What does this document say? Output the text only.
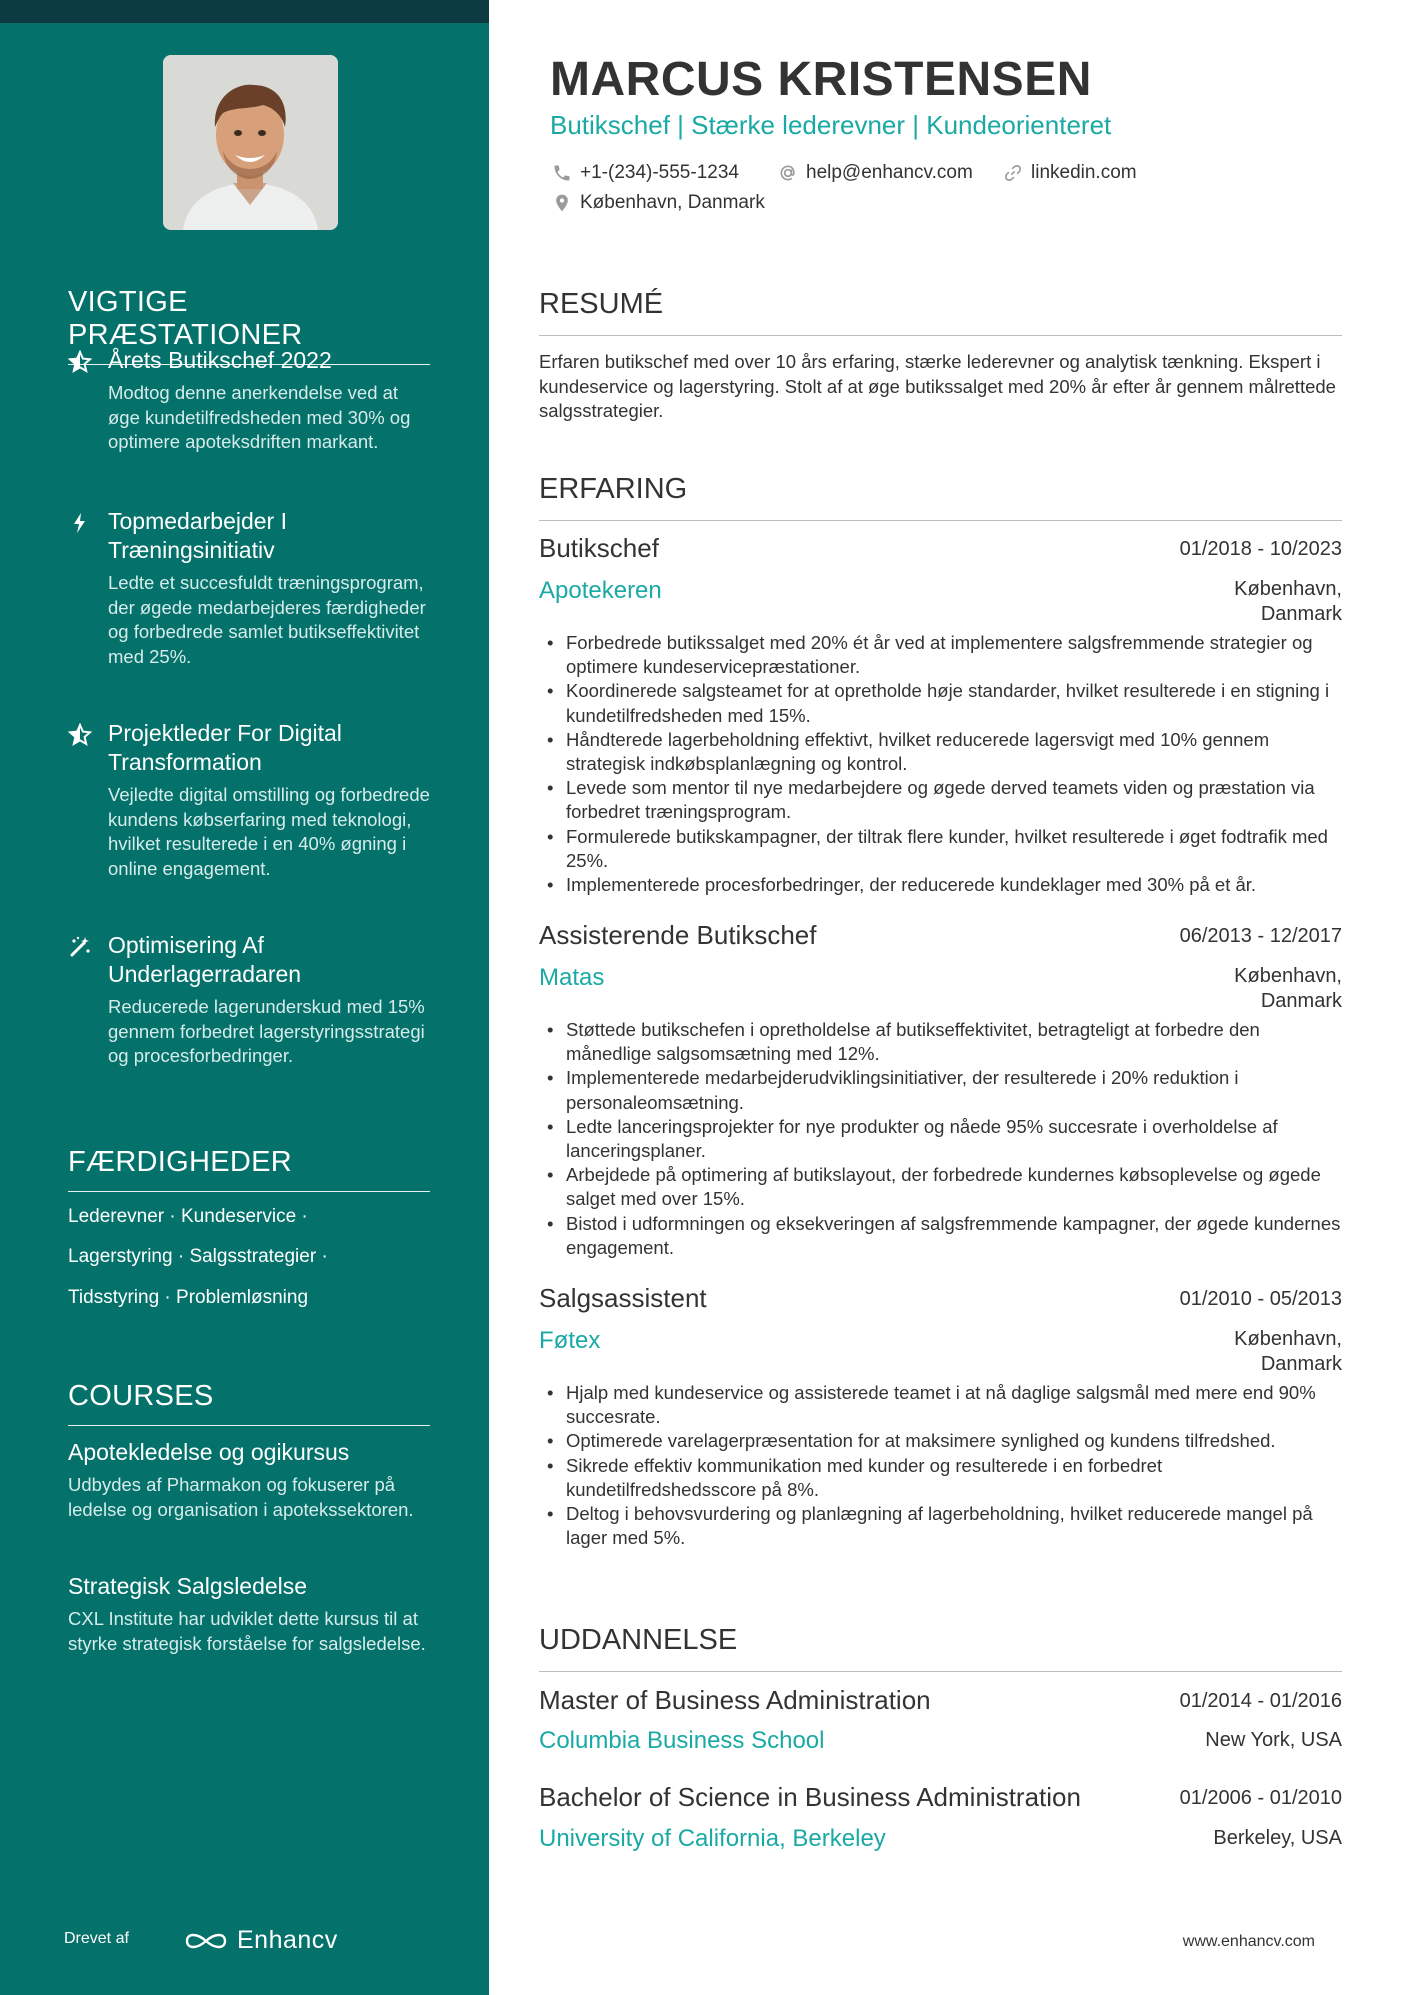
VIGTIGE PRÆSTATIONER
Årets Butikschef 2022
Modtog denne anerkendelse ved at øge kundetilfredsheden med 30% og optimere apoteksdriften markant.
Topmedarbejder I Træningsinitiativ
Ledte et succesfuldt træningsprogram, der øgede medarbejderes færdigheder og forbedrede samlet butikseffektivitet med 25%.
Projektleder For Digital Transformation
Vejledte digital omstilling og forbedrede kundens købserfaring med teknologi, hvilket resulterede i en 40% øgning i online engagement.
Optimisering Af Underlagerradaren
Reducerede lagerunderskud med 15% gennem forbedret lagerstyringsstrategi og procesforbedringer.
FÆRDIGHEDER
Lederevner · Kundeservice ·
Lagerstyring · Salgsstrategier ·
Tidsstyring · Problemløsning
COURSES
Apotekledelse og ogikursus
Udbydes af Pharmakon og fokuserer på ledelse og organisation i apotekssektoren.
Strategisk Salgsledelse
CXL Institute har udviklet dette kursus til at styrke strategisk forståelse for salgsledelse.
Drevet af	Enhancv
MARCUS KRISTENSEN
Butikschef | Stærke lederevner | Kundeorienteret
+1-(234)-555-1234	help@enhancv.com	linkedin.com
København, Danmark
RESUMÉ
Erfaren butikschef med over 10 års erfaring, stærke lederevner og analytisk tænkning. Ekspert i kundeservice og lagerstyring. Stolt af at øge butikssalget med 20% år efter år gennem målrettede salgsstrategier.
ERFARING
Butikschef	01/2018 - 10/2023
Apotekeren	København, Danmark
• Forbedrede butikssalget med 20% ét år ved at implementere salgsfremmende strategier og optimere kundeservicepræstationer.
• Koordinerede salgsteamet for at opretholde høje standarder, hvilket resulterede i en stigning i kundetilfredsheden med 15%.
• Håndterede lagerbeholdning effektivt, hvilket reducerede lagersvigt med 10% gennem strategisk indkøbsplanlægning og kontrol.
• Levede som mentor til nye medarbejdere og øgede derved teamets viden og præstation via forbedret træningsprogram.
• Formulerede butikskampagner, der tiltrak flere kunder, hvilket resulterede i øget fodtrafik med 25%.
• Implementerede procesforbedringer, der reducerede kundeklager med 30% på et år.
Assisterende Butikschef	06/2013 - 12/2017
Matas	København, Danmark
• Støttede butikschefen i opretholdelse af butikseffektivitet, betragteligt at forbedre den månedlige salgsomsætning med 12%.
• Implementerede medarbejderudviklingsinitiativer, der resulterede i 20% reduktion i personaleomsætning.
• Ledte lanceringsprojekter for nye produkter og nåede 95% succesrate i overholdelse af lanceringsplaner.
• Arbejdede på optimering af butikslayout, der forbedrede kundernes købsoplevelse og øgede salget med over 15%.
• Bistod i udformningen og eksekveringen af salgsfremmende kampagner, der øgede kundernes engagement.
Salgsassistent	01/2010 - 05/2013
Føtex	København, Danmark
• Hjalp med kundeservice og assisterede teamet i at nå daglige salgsmål med mere end 90% succesrate.
• Optimerede varelagerpræsentation for at maksimere synlighed og kundens tilfredshed.
• Sikrede effektiv kommunikation med kunder og resulterede i en forbedret kundetilfredshedsscore på 8%.
• Deltog i behovsvurdering og planlægning af lagerbeholdning, hvilket reducerede mangel på lager med 5%.
UDDANNELSE
Master of Business Administration	01/2014 - 01/2016
Columbia Business School	New York, USA
Bachelor of Science in Business Administration	01/2006 - 01/2010
University of California, Berkeley	Berkeley, USA
www.enhancv.com
